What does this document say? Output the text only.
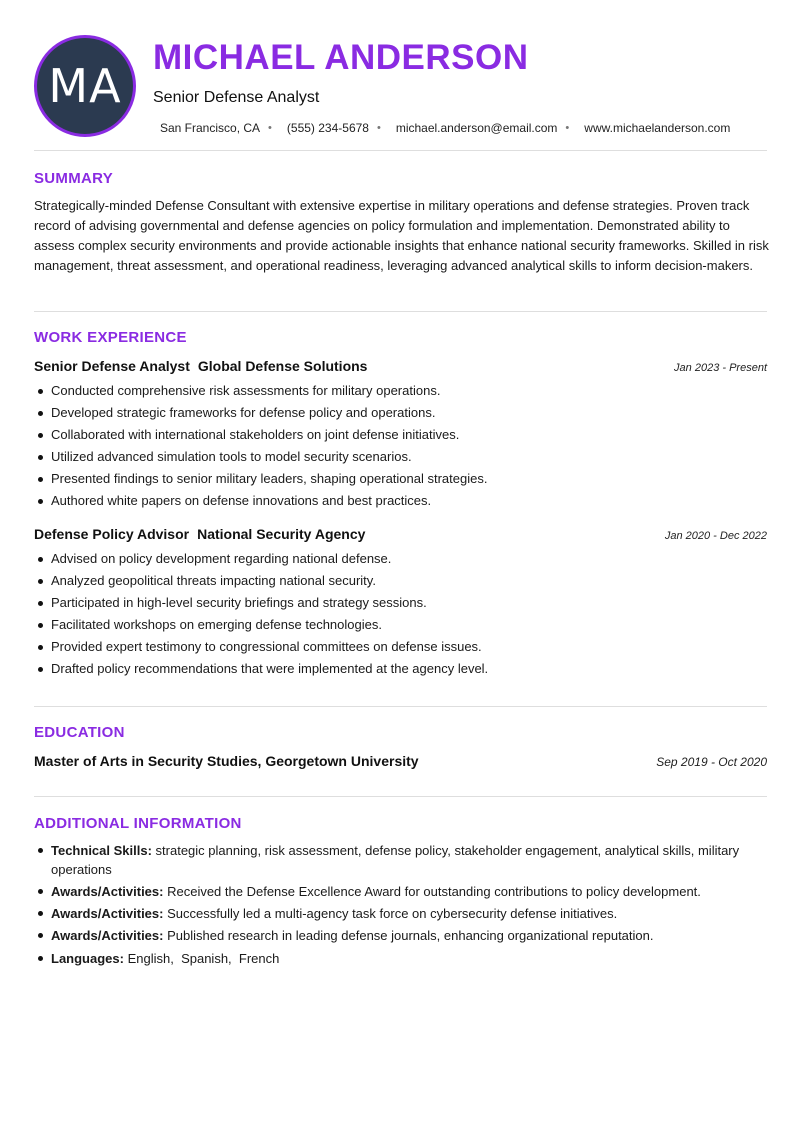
MA
MICHAEL ANDERSON
Senior Defense Analyst
San Francisco, CA • (555) 234-5678 • michael.anderson@email.com • www.michaelanderson.com
SUMMARY

Strategically-minded Defense Consultant with extensive expertise in military operations and defense strategies. Proven track record of advising governmental and defense agencies on policy formulation and implementation. Demonstrated ability to assess complex security environments and provide actionable insights that enhance national security frameworks. Skilled in risk management, threat assessment, and operational readiness, leveraging advanced analytical skills to inform decision-makers.

WORK EXPERIENCE
Senior Defense Analyst Global Defense Solutions	Jan 2023 - Present
Conducted comprehensive risk assessments for military operations.
Developed strategic frameworks for defense policy and operations.
Collaborated with international stakeholders on joint defense initiatives.
Utilized advanced simulation tools to model security scenarios.
Presented findings to senior military leaders, shaping operational strategies.
Authored white papers on defense innovations and best practices.
Defense Policy Advisor National Security Agency	Jan 2020 - Dec 2022
Advised on policy development regarding national defense.
Analyzed geopolitical threats impacting national security.
Participated in high-level security briefings and strategy sessions.
Facilitated workshops on emerging defense technologies.
Provided expert testimony to congressional committees on defense issues.
Drafted policy recommendations that were implemented at the agency level.
EDUCATION
Master of Arts in Security Studies, Georgetown University	Sep 2019 - Oct 2020
ADDITIONAL INFORMATION
Technical Skills: strategic planning, risk assessment, defense policy, stakeholder engagement, analytical skills, military operations
Awards/Activities: Received the Defense Excellence Award for outstanding contributions to policy development.
Awards/Activities: Successfully led a multi-agency task force on cybersecurity defense initiatives.
Awards/Activities: Published research in leading defense journals, enhancing organizational reputation.
Languages: English,  Spanish,  French
